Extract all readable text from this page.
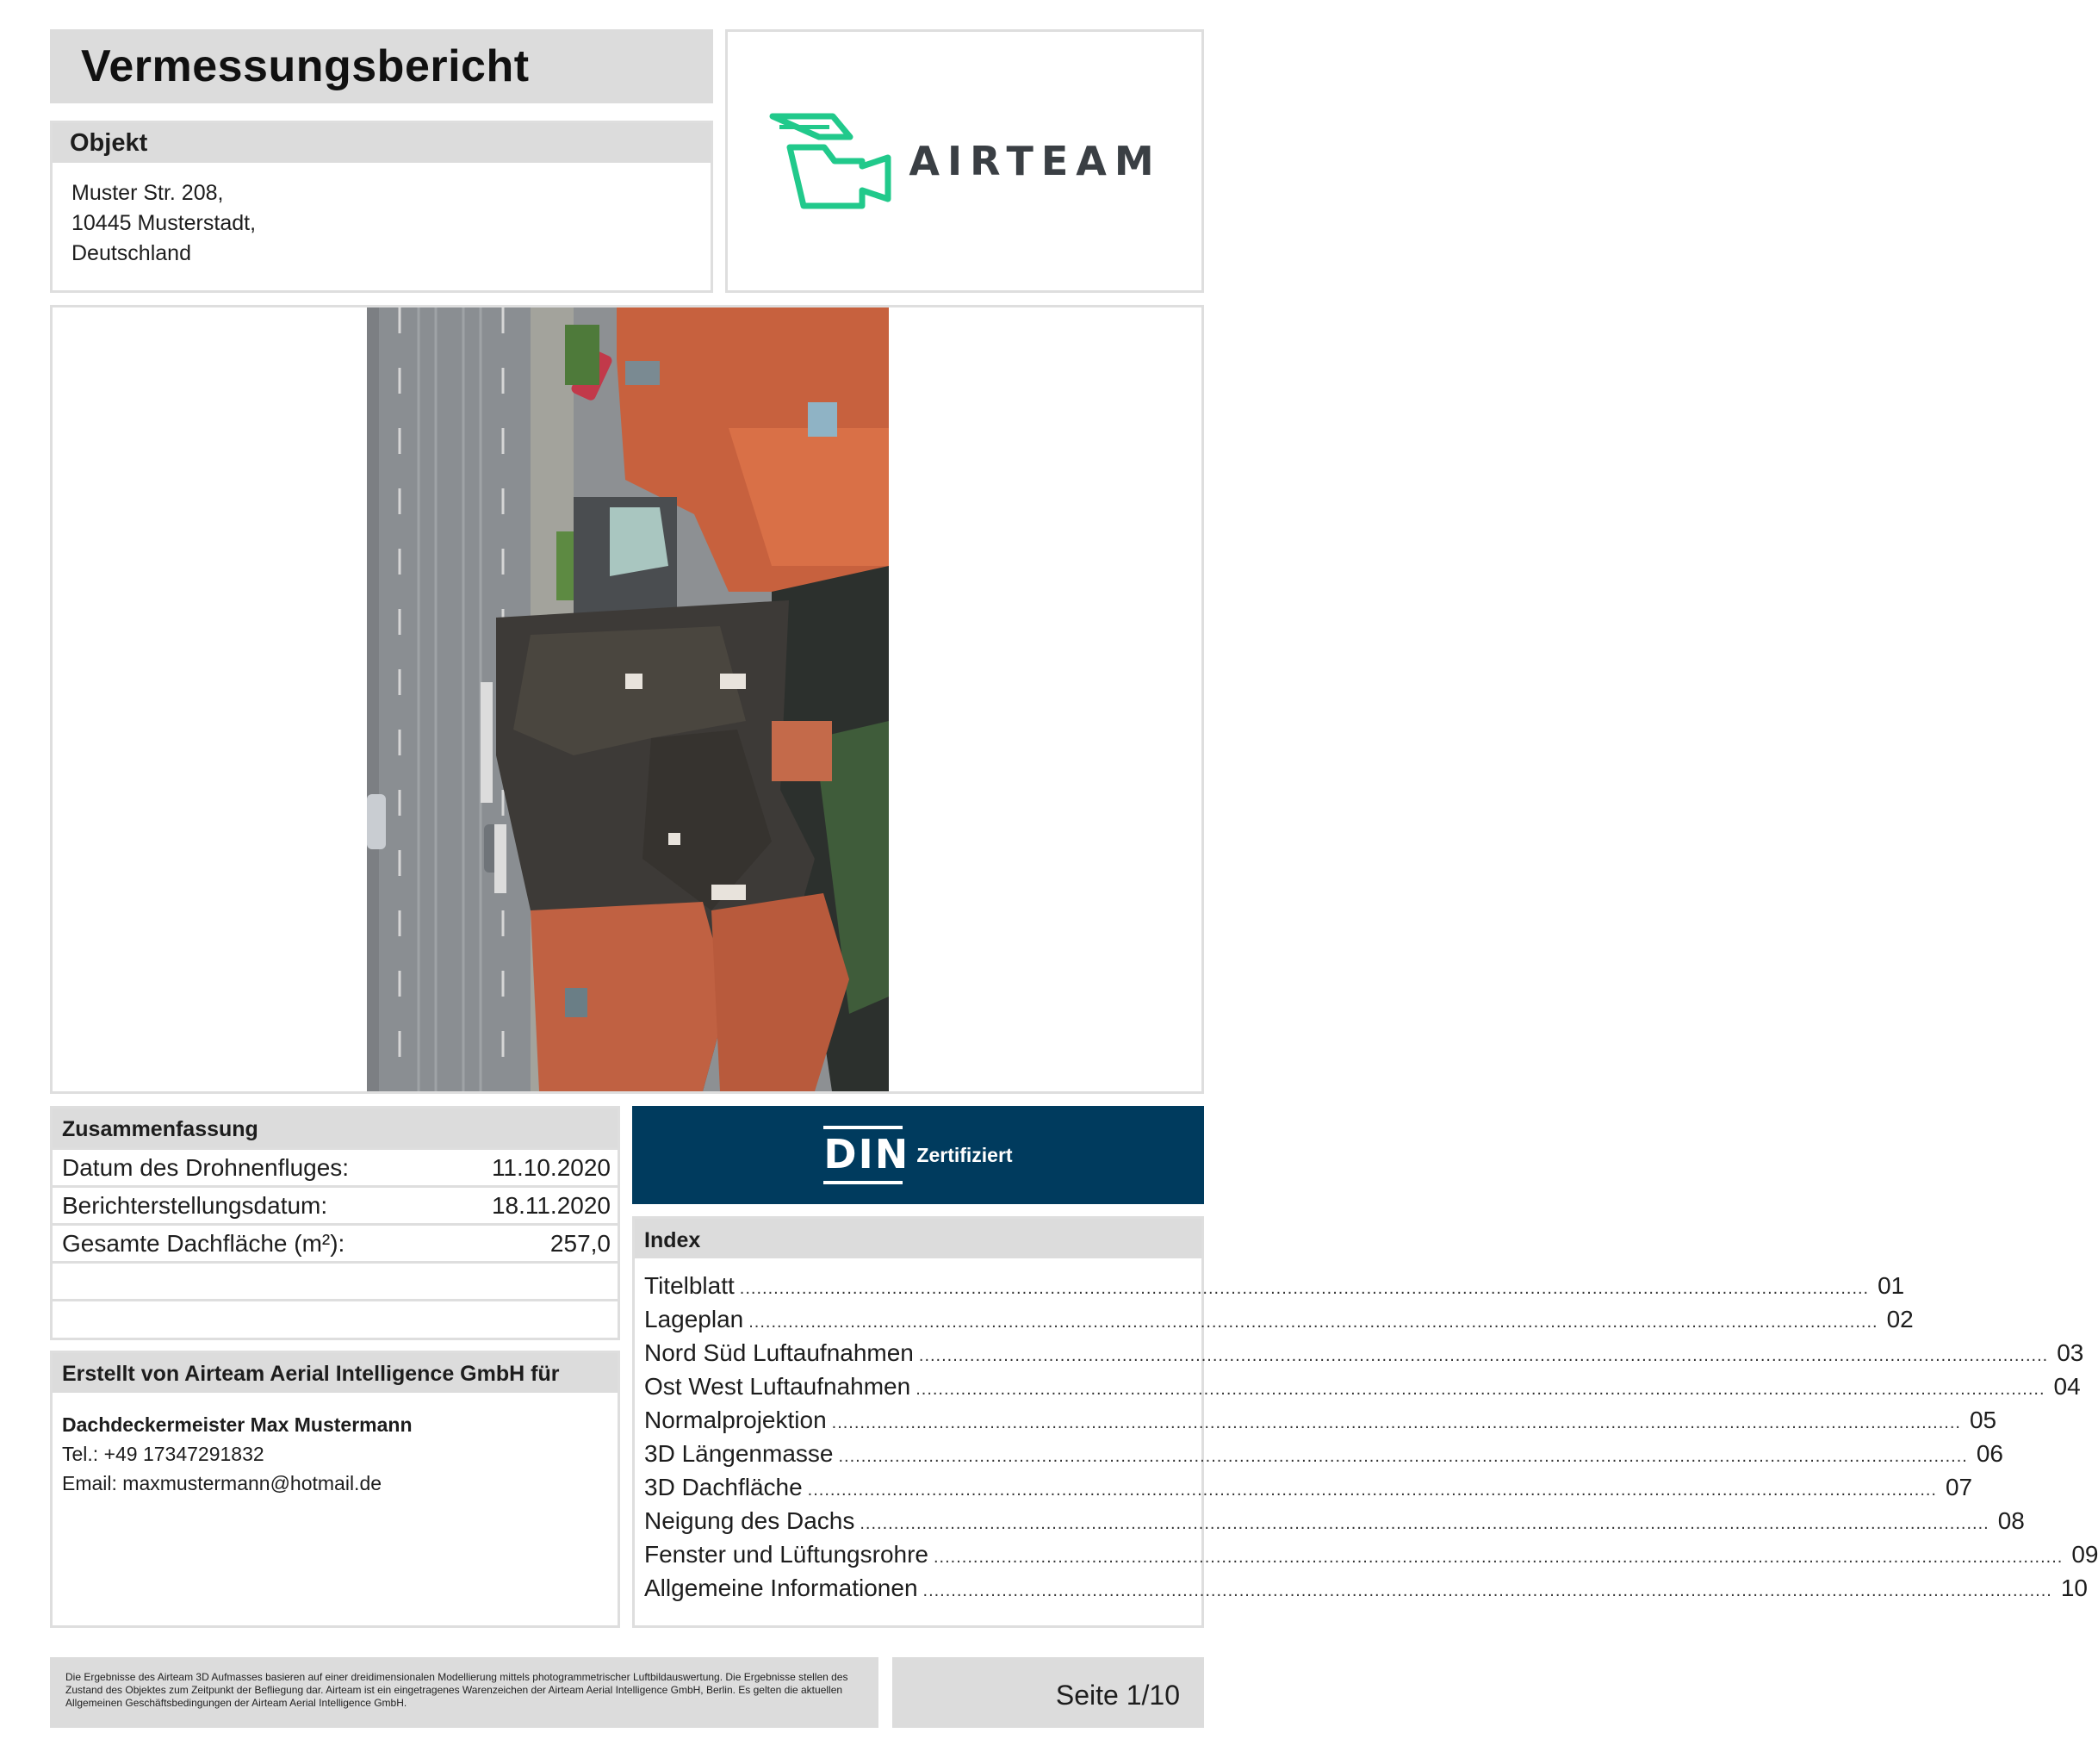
Vermessungsbericht
Objekt
Muster Str. 208,
10445 Musterstadt,
Deutschland
AIRTEAM
Zusammenfassung
Datum des Drohnenfluges:	11.10.2020
Berichterstellungsdatum:	18.11.2020
Gesamte Dachfläche (m²):	257,0
DIN Zertifiziert
Index
Titelblatt ........................................................................................................................................................................................................ 01
Lageplan ........................................................................................................................................................................................................ 02
Nord Süd Luftaufnahmen ........................................................................................................................................................................................................ 03
Ost West Luftaufnahmen ........................................................................................................................................................................................................ 04
Normalprojektion ........................................................................................................................................................................................................ 05
3D Längenmasse ........................................................................................................................................................................................................ 06
3D Dachfläche ........................................................................................................................................................................................................ 07
Neigung des Dachs ........................................................................................................................................................................................................ 08
Fenster und Lüftungsrohre ........................................................................................................................................................................................................ 09
Allgemeine Informationen ........................................................................................................................................................................................................ 10
Erstellt von Airteam Aerial Intelligence GmbH für
Dachdeckermeister Max Mustermann
Tel.: +49 17347291832
Email: maxmustermann@hotmail.de
Die Ergebnisse des Airteam 3D Aufmasses basieren auf einer dreidimensionalen Modellierung mittels photogrammetrischer Luftbildauswertung. Die Ergebnisse stellen des Zustand des Objektes zum Zeitpunkt der Befliegung dar. Airteam ist ein eingetragenes Warenzeichen der Airteam Aerial Intelligence GmbH, Berlin. Es gelten die aktuellen Allgemeinen Geschäftsbedingungen der Airteam Aerial Intelligence GmbH.	Seite 1/10
